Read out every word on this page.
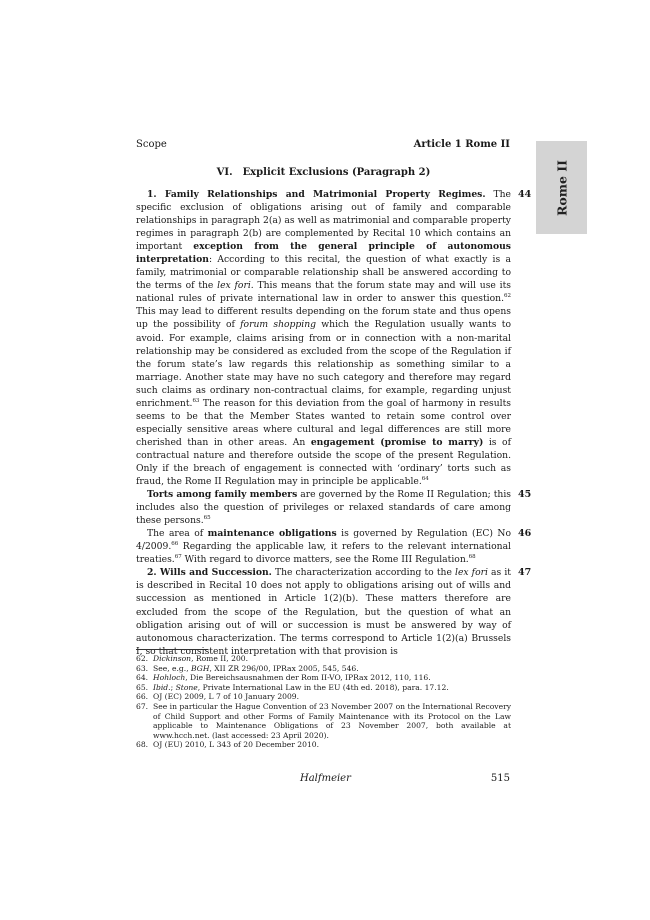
Scope	Article 1 Rome II
Rome II
VI. Explicit Exclusions (Paragraph 2)

44
1. Family Relationships and Matrimonial Property Regimes. The specific exclusion of obligations arising out of family and comparable relationships in paragraph 2(a) as well as matrimonial and comparable property regimes in paragraph 2(b) are complemented by Recital 10 which contains an important exception from the general principle of autonomous interpretation: According to this recital, the question of what exactly is a family, matrimonial or comparable relationship shall be answered according to the terms of the lex fori. This means that the forum state may and will use its national rules of private international law in order to answer this question.$^{62}$ This may lead to different results depending on the forum state and thus opens up the possibility of forum shopping which the Regulation usually wants to avoid. For example, claims arising from or in connection with a non-marital relationship may be considered as excluded from the scope of the Regulation if the forum state’s law regards this relationship as something similar to a marriage. Another state may have no such category and therefore may regard such claims as ordinary non-contractual claims, for example, regarding unjust enrichment.$^{63}$ The reason for this deviation from the goal of harmony in results seems to be that the Member States wanted to retain some control over especially sensitive areas where cultural and legal differences are still more cherished than in other areas. An engagement (promise to marry) is of contractual nature and therefore outside the scope of the present Regulation. Only if the breach of engagement is connected with ‘ordinary’ torts such as fraud, the Rome II Regulation may in principle be applicable.$^{64}$

45
Torts among family members are governed by the Rome II Regulation; this includes also the question of privileges or relaxed standards of care among these persons.$^{65}$

46
The area of maintenance obligations is governed by Regulation (EC) No 4/2009.66 Regarding the applicable law, it refers to the relevant international treaties.$^{67}$ With regard to divorce matters, see the Rome III Regulation.$^{68}$

47
2. Wills and Succession. The characterization according to the lex fori as it is described in Recital 10 does not apply to obligations arising out of wills and succession as mentioned in Article 1(2)(b). These matters therefore are excluded from the scope of the Regulation, but the question of what an obligation arising out of will or succession is must be answered by way of autonomous characterization. The terms correspond to Article 1(2)(a) Brussels I, so that consistent interpretation with that provision is

62. Dickinson, Rome II, 200.
63. See, e.g., BGH, XII ZR 296/00, IPRax 2005, 545, 546.
64. Hohloch, Die Bereichsausnahmen der Rom II-VO, IPRax 2012, 110, 116.
65. Ibid.; Stone, Private International Law in the EU (4th ed. 2018), para. 17.12.
66. OJ (EC) 2009, L 7 of 10 January 2009.
67. See in particular the Hague Convention of 23 November 2007 on the International Recovery of Child Support and other Forms of Family Maintenance with its Protocol on the Law applicable to Maintenance Obligations of 23 November 2007, both available at www.hcch.net. (last accessed: 23 April 2020).
68. OJ (EU) 2010, L 343 of 20 December 2010.
Halfmeier	515
